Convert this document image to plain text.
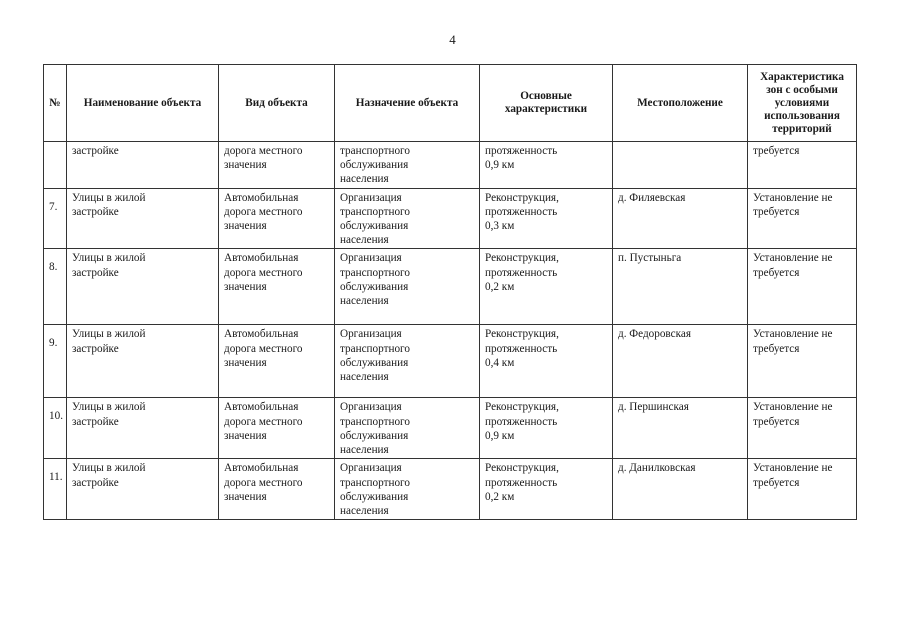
4
№	Наименование объекта	Вид объекта	Назначение объекта	Основные характеристики	Местоположение	Характеристика зон с особыми условиями использования территорий

	застройке	дорога местного
значения	транспортного
обслуживания
населения	протяженность
0,9 км		требуется

7.	Улицы в жилой
застройке	Автомобильная
дорога местного
значения	Организация
транспортного
обслуживания
населения	Реконструкция,
протяженность
0,3 км	д. Филяевская	Установление не
требуется

8.	Улицы в жилой
застройке	Автомобильная
дорога местного
значения	Организация
транспортного
обслуживания
населения	Реконструкция,
протяженность
0,2 км	п. Пустыньга	Установление не
требуется

9.	Улицы в жилой
застройке	Автомобильная
дорога местного
значения	Организация
транспортного
обслуживания
населения	Реконструкция,
протяженность
0,4 км	д. Федоровская	Установление не
требуется

10.	Улицы в жилой
застройке	Автомобильная
дорога местного
значения	Организация
транспортного
обслуживания
населения	Реконструкция,
протяженность
0,9 км	д. Першинская	Установление не
требуется

11.	Улицы в жилой
застройке	Автомобильная
дорога местного
значения	Организация
транспортного
обслуживания
населения	Реконструкция,
протяженность
0,2 км	д. Данилковская	Установление не
требуется
